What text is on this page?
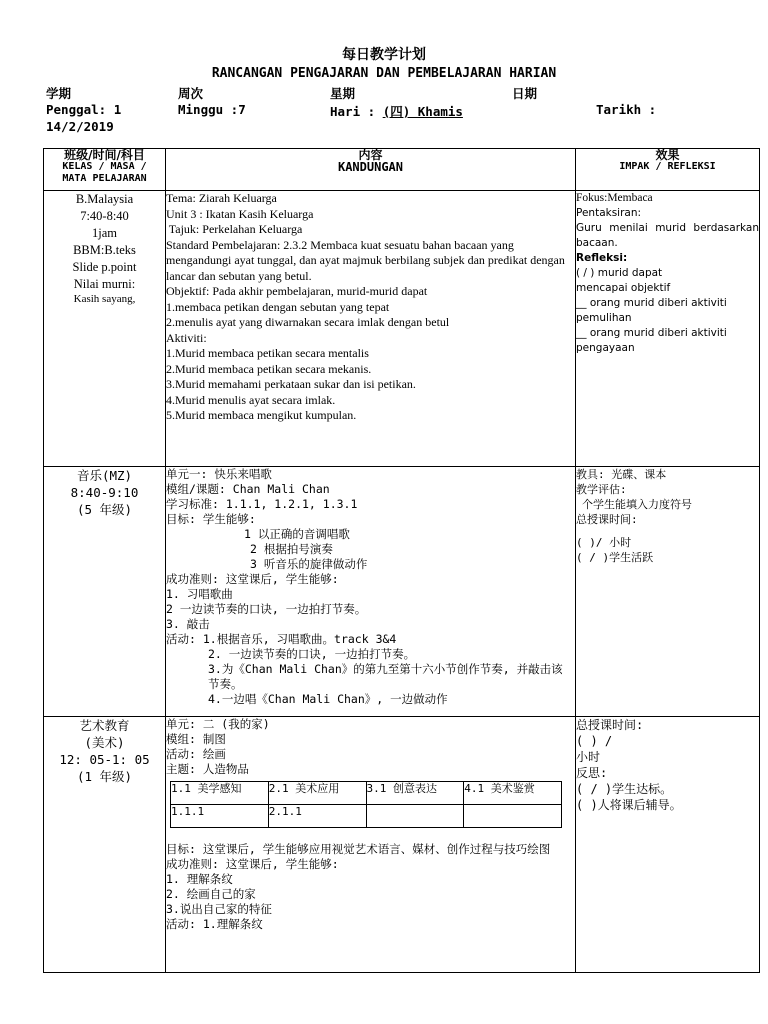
每日教学计划
RANCANGAN PENGAJARAN DAN PEMBELAJARAN HARIAN
学期	周次	星期	日期
Penggal: 1	Minggu :7	Hari : (四) Khamis	Tarikh :
14/2/2019
班级/时间/科目
KELAS / MASA /
MATA PELAJARAN

内容
KANDUNGAN

效果
IMPAK / REFLEKSI

B.Malaysia
7:40-8:40
1jam
BBM:B.teks
Slide p.point
Nilai murni:
Kasih sayang,

Tema: Ziarah Keluarga
Unit 3 : Ikatan Kasih Keluarga
Tajuk: Perkelahan Keluarga
Standard Pembelajaran: 2.3.2 Membaca kuat sesuatu bahan bacaan yang mengandungi ayat tunggal, dan ayat majmuk berbilang subjek dan predikat dengan lancar dan sebutan yang betul.
Objektif: Pada akhir pembelajaran, murid-murid dapat
1.membaca petikan dengan sebutan yang tepat
2.menulis ayat yang diwarnakan secara imlak dengan betul
Aktiviti:
1.Murid membaca petikan secara mentalis
2.Murid membaca petikan secara mekanis.
3.Murid memahami perkataan sukar dan isi petikan.
4.Murid menulis ayat secara imlak.
5.Murid membaca mengikut kumpulan.

Fokus:Membaca
Pentaksiran:
Guru menilai murid berdasarkan bacaan.
Refleksi:
( / ) murid dapat
mencapai objektif
__ orang murid diberi aktiviti pemulihan
__ orang murid diberi aktiviti pengayaan

音乐(MZ)
8:40-9:10
(5 年级)

单元一: 快乐来唱歌
模组/课题: Chan Mali Chan
学习标准: 1.1.1, 1.2.1, 1.3.1
目标: 学生能够:
1 以正确的音调唱歌
2 根据拍号演奏
3 听音乐的旋律做动作
成功准则: 这堂课后, 学生能够:
1. 习唱歌曲
2 一边读节奏的口诀, 一边拍打节奏。
3. 敲击
活动: 1.根据音乐, 习唱歌曲。track 3&4
2. 一边读节奏的口诀, 一边拍打节奏。
3.为《Chan Mali Chan》的第九至第十六小节创作节奏, 并敲击该节奏。
4.一边唱《Chan Mali Chan》, 一边做动作

教具: 光碟、课本
教学评估:
个学生能填入力度符号
总授课时间:
( )/ 小时
( / )学生活跃

艺术教育
(美术)
12: 05-1: 05
(1 年级)

单元: 二 (我的家)
模组: 制图
活动: 绘画
主题: 人造物品
1.1 美学感知	2.1 美术应用	3.1 创意表达	4.1 美术鉴赏
1.1.1	2.1.1		
目标: 这堂课后, 学生能够应用视觉艺术语言、媒材、创作过程与技巧绘图
成功准则: 这堂课后, 学生能够:
1. 理解条纹
2. 绘画自己的家
3.说出自己家的特征
活动: 1.理解条纹

总授课时间:
( ) /
小时
反思:
( / )学生达标。
( )人将课后辅导。
